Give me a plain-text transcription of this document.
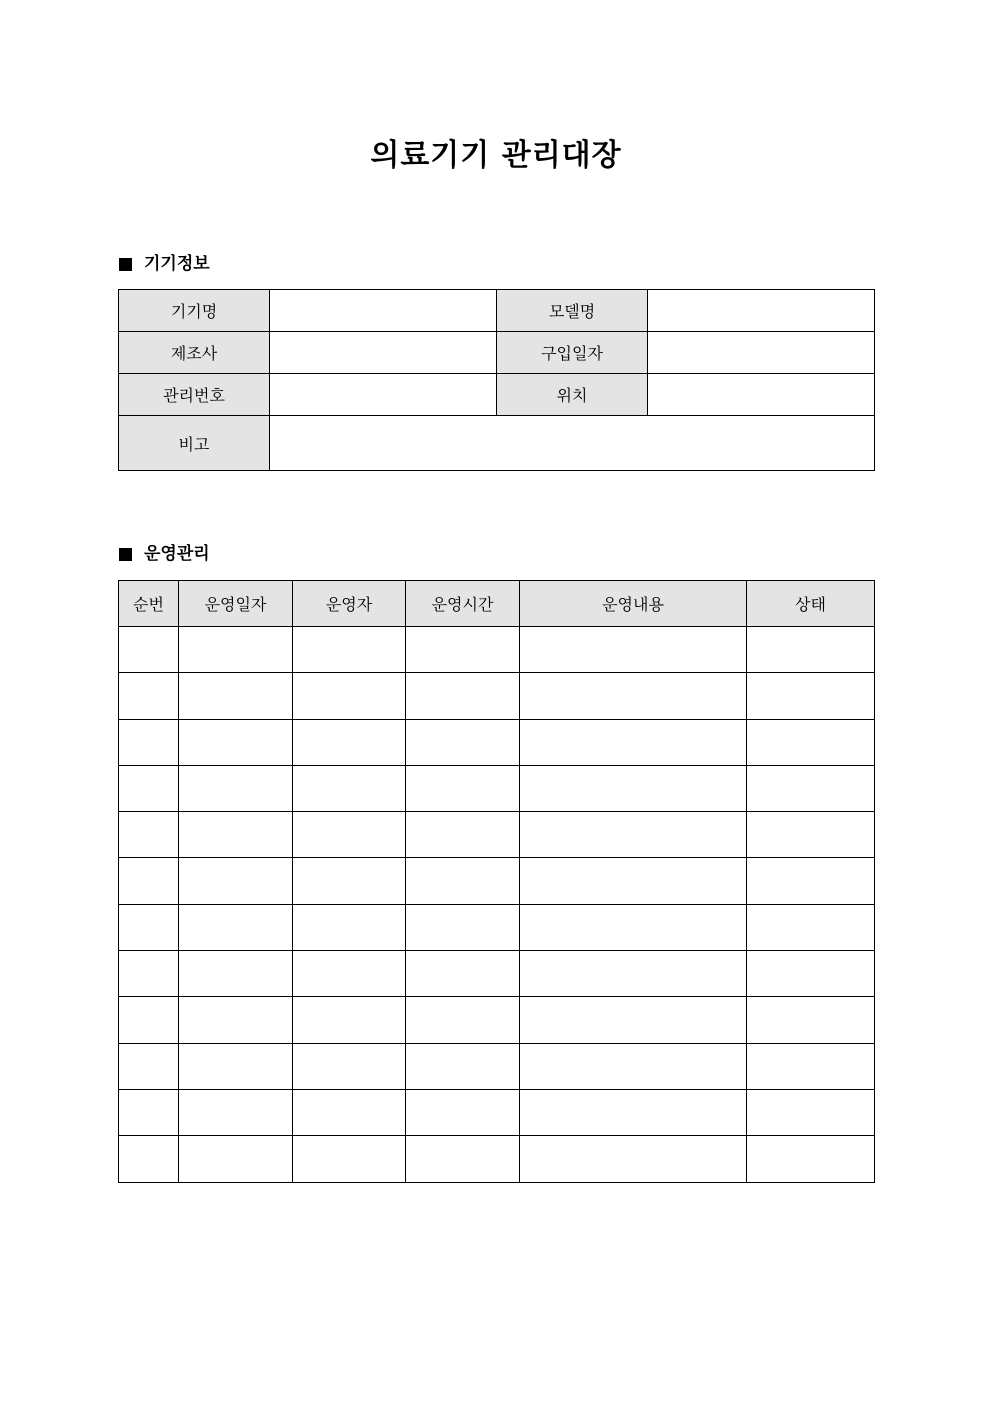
의료기기 관리대장
기기정보
기기명		모델명	
제조사		구입일자	
관리번호		위치	
비고			
운영관리
순번	운영일자	운영자	운영시간	운영내용	상태
